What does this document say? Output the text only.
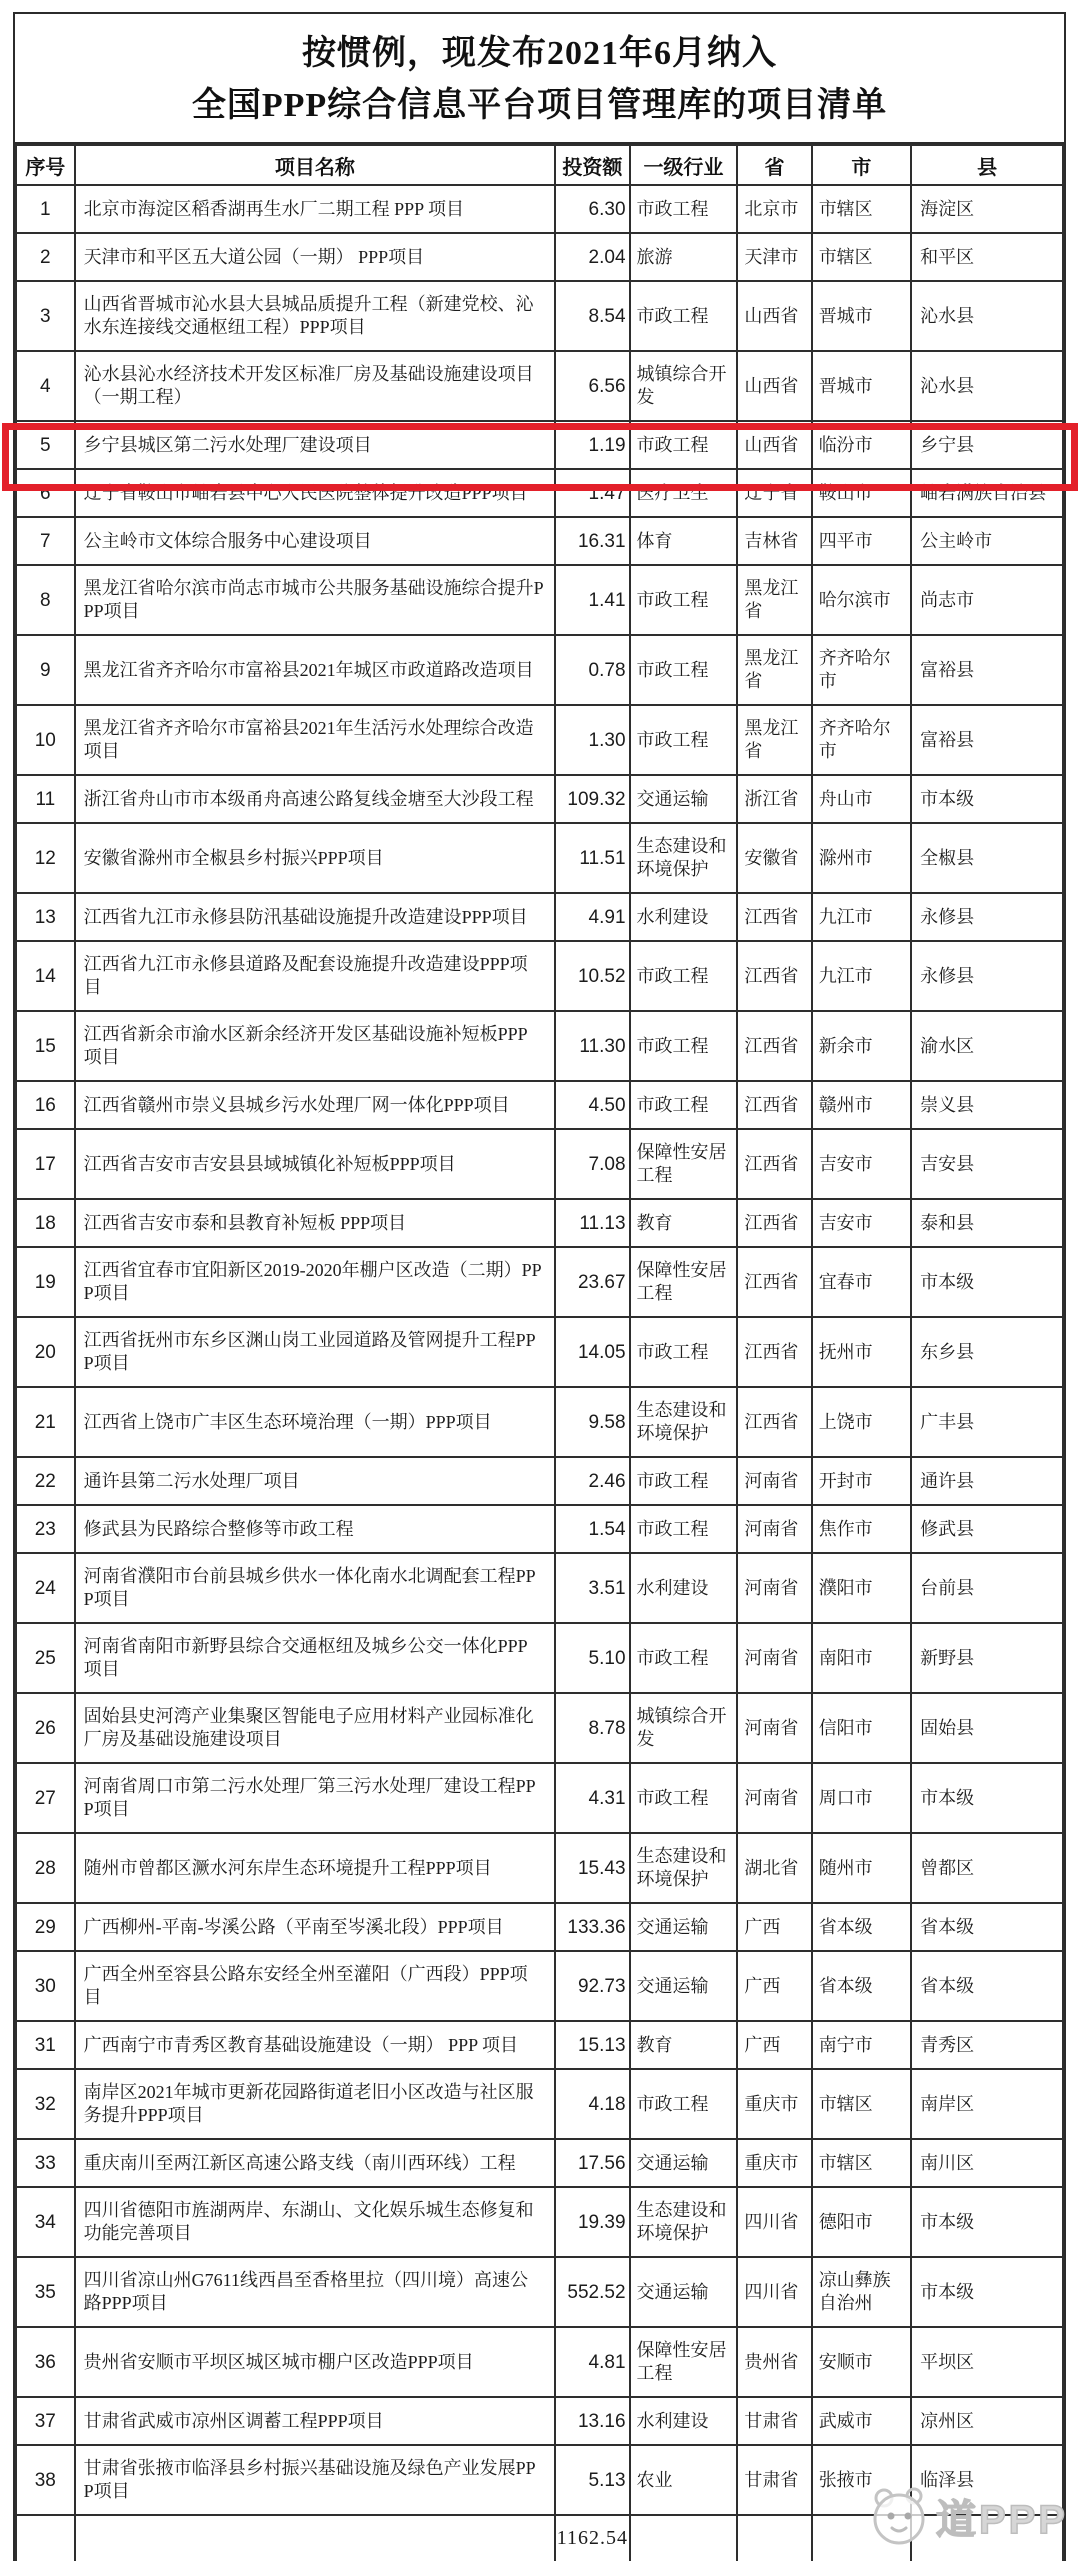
按惯例，现发布2021年6月纳入
全国PPP综合信息平台项目管理库的项目清单
序号	项目名称	投资额	一级行业	省	市	县
1	北京市海淀区稻香湖再生水厂二期工程 PPP 项目	6.30	市政工程	北京市	市辖区	海淀区
2	天津市和平区五大道公园（一期） PPP项目	2.04	旅游	天津市	市辖区	和平区
3	山西省晋城市沁水县大县城品质提升工程（新建党校、沁水东连接线交通枢纽工程）PPP项目	8.54	市政工程	山西省	晋城市	沁水县
4	沁水县沁水经济技术开发区标准厂房及基础设施建设项目（一期工程）	6.56	城镇综合开发	山西省	晋城市	沁水县
5	乡宁县城区第二污水处理厂建设项目	1.19	市政工程	山西省	临汾市	乡宁县
6	辽宁省鞍山市岫岩县中心人民医院整体提升改造PPP项目	1.47	医疗卫生	辽宁省	鞍山市	岫岩满族自治县
7	公主岭市文体综合服务中心建设项目	16.31	体育	吉林省	四平市	公主岭市
8	黑龙江省哈尔滨市尚志市城市公共服务基础设施综合提升PPP项目	1.41	市政工程	黑龙江省	哈尔滨市	尚志市
9	黑龙江省齐齐哈尔市富裕县2021年城区市政道路改造项目	0.78	市政工程	黑龙江省	齐齐哈尔市	富裕县
10	黑龙江省齐齐哈尔市富裕县2021年生活污水处理综合改造项目	1.30	市政工程	黑龙江省	齐齐哈尔市	富裕县
11	浙江省舟山市市本级甬舟高速公路复线金塘至大沙段工程	109.32	交通运输	浙江省	舟山市	市本级
12	安徽省滁州市全椒县乡村振兴PPP项目	11.51	生态建设和环境保护	安徽省	滁州市	全椒县
13	江西省九江市永修县防汛基础设施提升改造建设PPP项目	4.91	水利建设	江西省	九江市	永修县
14	江西省九江市永修县道路及配套设施提升改造建设PPP项目	10.52	市政工程	江西省	九江市	永修县
15	江西省新余市渝水区新余经济开发区基础设施补短板PPP项目	11.30	市政工程	江西省	新余市	渝水区
16	江西省赣州市崇义县城乡污水处理厂网一体化PPP项目	4.50	市政工程	江西省	赣州市	崇义县
17	江西省吉安市吉安县县域城镇化补短板PPP项目	7.08	保障性安居工程	江西省	吉安市	吉安县
18	江西省吉安市泰和县教育补短板 PPP项目	11.13	教育	江西省	吉安市	泰和县
19	江西省宜春市宜阳新区2019-2020年棚户区改造（二期）PPP项目	23.67	保障性安居工程	江西省	宜春市	市本级
20	江西省抚州市东乡区渊山岗工业园道路及管网提升工程PPP项目	14.05	市政工程	江西省	抚州市	东乡县
21	江西省上饶市广丰区生态环境治理（一期）PPP项目	9.58	生态建设和环境保护	江西省	上饶市	广丰县
22	通许县第二污水处理厂项目	2.46	市政工程	河南省	开封市	通许县
23	修武县为民路综合整修等市政工程	1.54	市政工程	河南省	焦作市	修武县
24	河南省濮阳市台前县城乡供水一体化南水北调配套工程PPP项目	3.51	水利建设	河南省	濮阳市	台前县
25	河南省南阳市新野县综合交通枢纽及城乡公交一体化PPP项目	5.10	市政工程	河南省	南阳市	新野县
26	固始县史河湾产业集聚区智能电子应用材料产业园标准化厂房及基础设施建设项目	8.78	城镇综合开发	河南省	信阳市	固始县
27	河南省周口市第二污水处理厂第三污水处理厂建设工程PPP项目	4.31	市政工程	河南省	周口市	市本级
28	随州市曾都区㵐水河东岸生态环境提升工程PPP项目	15.43	生态建设和环境保护	湖北省	随州市	曾都区
29	广西柳州-平南-岑溪公路（平南至岑溪北段）PPP项目	133.36	交通运输	广西	省本级	省本级
30	广西全州至容县公路东安经全州至灌阳（广西段）PPP项目	92.73	交通运输	广西	省本级	省本级
31	广西南宁市青秀区教育基础设施建设（一期） PPP 项目	15.13	教育	广西	南宁市	青秀区
32	南岸区2021年城市更新花园路街道老旧小区改造与社区服务提升PPP项目	4.18	市政工程	重庆市	市辖区	南岸区
33	重庆南川至两江新区高速公路支线（南川西环线）工程	17.56	交通运输	重庆市	市辖区	南川区
34	四川省德阳市旌湖两岸、东湖山、文化娱乐城生态修复和功能完善项目	19.39	生态建设和环境保护	四川省	德阳市	市本级
35	四川省凉山州G7611线西昌至香格里拉（四川境）高速公路PPP项目	552.52	交通运输	四川省	凉山彝族自治州	市本级
36	贵州省安顺市平坝区城区城市棚户区改造PPP项目	4.81	保障性安居工程	贵州省	安顺市	平坝区
37	甘肃省武威市凉州区调蓄工程PPP项目	13.16	水利建设	甘肃省	武威市	凉州区
38	甘肃省张掖市临泽县乡村振兴基础设施及绿色产业发展PPP项目	5.13	农业	甘肃省	张掖市	临泽县
		1162.54					道PPP
